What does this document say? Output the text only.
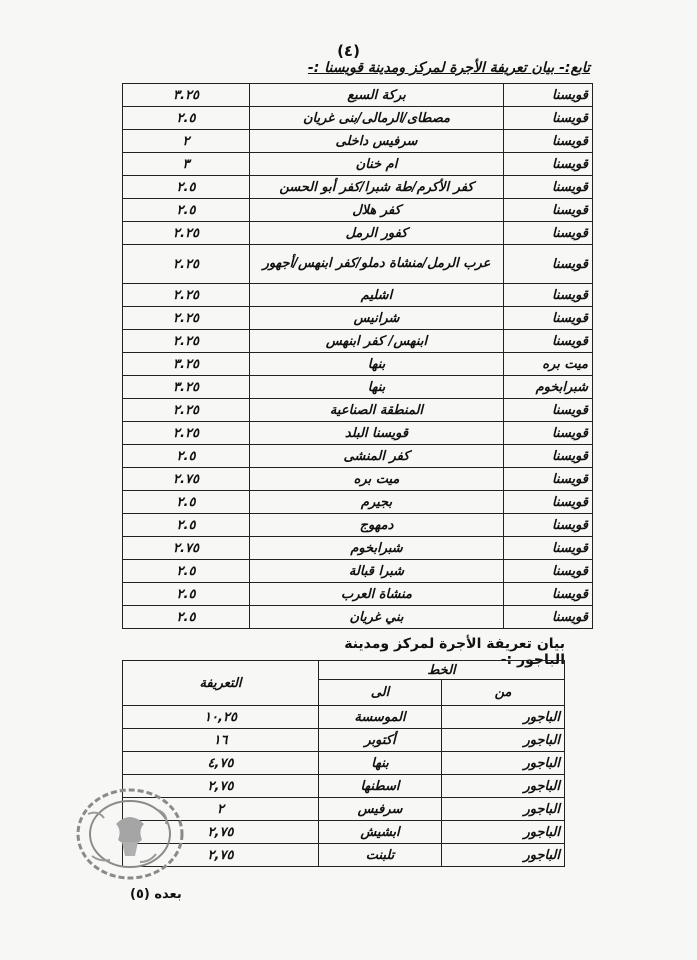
(٤)
تابع:- بيان تعريفة الأجرة لمركز ومدينة قويسنا :-
قويسنا	بركة السبع	٣.٢٥
قويسنا	مصطاى/الرمالى/بنى غريان	٢.٥
قويسنا	سرفيس داخلى	٢
قويسنا	ام خنان	٣
قويسنا	كفر الأكرم/طة شبرا/كفر أبو الحسن	٢.٥
قويسنا	كفر هلال	٢.٥
قويسنا	كفور الرمل	٢.٢٥
قويسنا	عرب الرمل/منشاة دملو/كفر ابنهس/أجهور	٢.٢٥
قويسنا	اشليم	٢.٢٥
قويسنا	شرانيس	٢.٢٥
قويسنا	ابنهس/ كفر ابنهس	٢.٢٥
ميت بره	بنها	٣.٢٥
شبرابخوم	بنها	٣.٢٥
قويسنا	المنطقة الصناعية	٢.٢٥
قويسنا	قويسنا البلد	٢.٢٥
قويسنا	كفر المنشى	٢.٥
قويسنا	ميت بره	٢.٧٥
قويسنا	بجيرم	٢.٥
قويسنا	دمهوج	٢.٥
قويسنا	شبرابخوم	٢.٧٥
قويسنا	شبرا قبالة	٢.٥
قويسنا	منشاة العرب	٢.٥
قويسنا	بني غريان	٢.٥
بيان تعريفة الأجرة لمركز ومدينة الباجور :-
الخط		التعريفة
من	الى	
الباجور	الموسسة	١٠,٢٥
الباجور	أكتوبر	١٦
الباجور	بنها	٤,٧٥
الباجور	اسطنها	٢,٧٥
الباجور	سرفيس	٢
الباجور	ابشيش	٢,٧٥
الباجور	تلبنت	٢,٧٥
بعده (٥)
